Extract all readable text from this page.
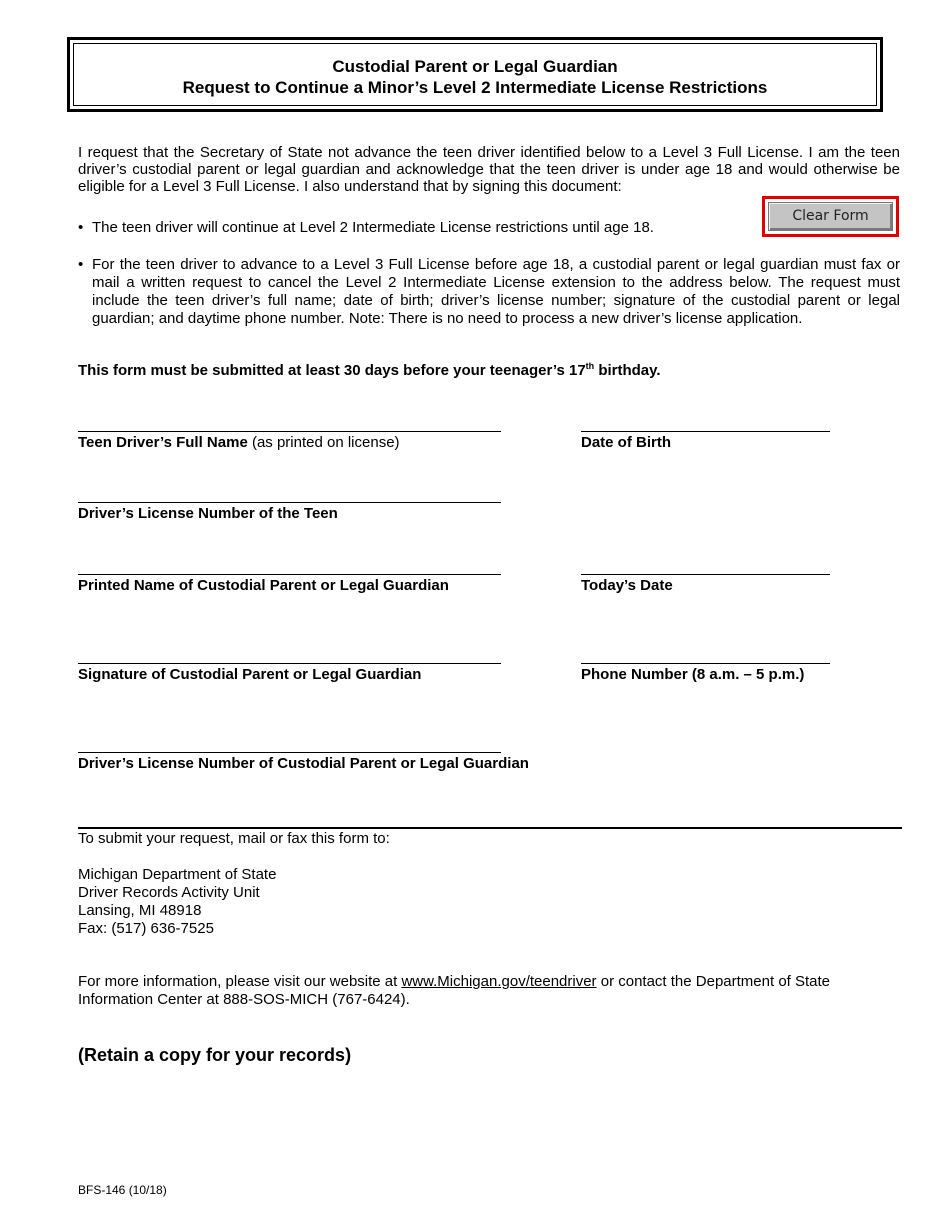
Custodial Parent or Legal Guardian
Request to Continue a Minor’s Level 2 Intermediate License Restrictions
I request that the Secretary of State not advance the teen driver identified below to a Level 3 Full License. I am the teen driver’s custodial parent or legal guardian and acknowledge that the teen driver is under age 18 and would otherwise be eligible for a Level 3 Full License. I also understand that by signing this document:
Clear Form
• The teen driver will continue at Level 2 Intermediate License restrictions until age 18.
• For the teen driver to advance to a Level 3 Full License before age 18, a custodial parent or legal guardian must fax or mail a written request to cancel the Level 2 Intermediate License extension to the address below. The request must include the teen driver’s full name; date of birth; driver’s license number; signature of the custodial parent or legal guardian; and daytime phone number. Note: There is no need to process a new driver’s license application.
This form must be submitted at least 30 days before your teenager’s 17th birthday.
Teen Driver’s Full Name (as printed on license)	Date of Birth
Driver’s License Number of the Teen
Printed Name of Custodial Parent or Legal Guardian	Today’s Date
Signature of Custodial Parent or Legal Guardian	Phone Number (8 a.m. – 5 p.m.)
Driver’s License Number of Custodial Parent or Legal Guardian
To submit your request, mail or fax this form to:
Michigan Department of State
Driver Records Activity Unit
Lansing, MI 48918
Fax: (517) 636-7525
For more information, please visit our website at www.Michigan.gov/teendriver or contact the Department of State Information Center at 888-SOS-MICH (767-6424).
(Retain a copy for your records)
BFS-146 (10/18)
